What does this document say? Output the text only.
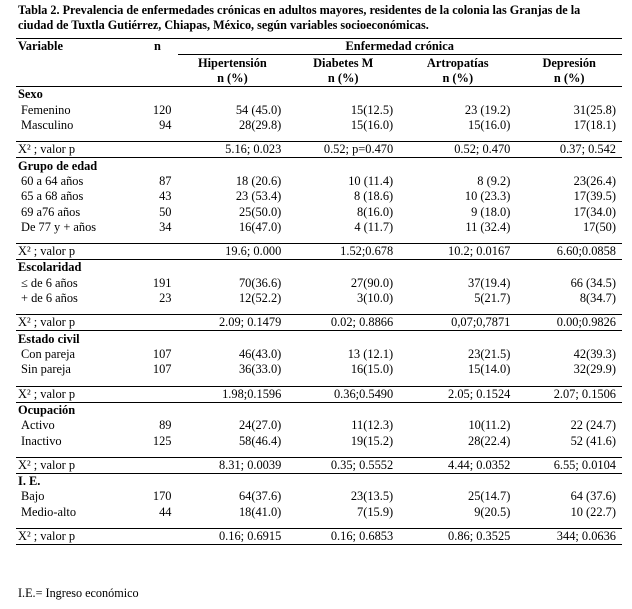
Tabla 2. Prevalencia de enfermedades crónicas en adultos mayores, residentes de la colonia las Granjas de la ciudad de Tuxtla Gutiérrez, Chiapas, México, según variables socioeconómicas.
Variable	n	Enfermedad crónica			
		Hipertensión	Diabetes M	Artropatías	Depresión
		n (%)	n (%)	n (%)	n (%)
Sexo					
Femenino	120	54 (45.0)	15(12.5)	23 (19.2)	31(25.8)
Masculino	94	28(29.8)	15(16.0)	15(16.0)	17(18.1)

X² ; valor p		5.16; 0.023	0.52; p=0.470	0.52; 0.470	0.37; 0.542
Grupo de edad					
60 a 64 años	87	18 (20.6)	10 (11.4)	8 (9.2)	23(26.4)
65 a 68 años	43	23 (53.4)	8 (18.6)	10 (23.3)	17(39.5)
69 a76 años	50	25(50.0)	8(16.0)	9 (18.0)	17(34.0)
De 77 y + años	34	16(47.0)	4 (11.7)	11 (32.4)	17(50)

X² ; valor p		19.6; 0.000	1.52;0.678	10.2; 0.0167	6.60;0.0858
Escolaridad					
≤ de 6 años	191	70(36.6)	27(90.0)	37(19.4)	66 (34.5)
+ de 6 años	23	12(52.2)	3(10.0)	5(21.7)	8(34.7)

X² ; valor p		2.09; 0.1479	0.02; 0.8866	0,07;0,7871	0.00;0.9826
Estado civil					
Con pareja	107	46(43.0)	13 (12.1)	23(21.5)	42(39.3)
Sin pareja	107	36(33.0)	16(15.0)	15(14.0)	32(29.9)

X² ; valor p		1.98;0.1596	0.36;0.5490	2.05; 0.1524	2.07; 0.1506
Ocupación					
Activo	89	24(27.0)	11(12.3)	10(11.2)	22 (24.7)
Inactivo	125	58(46.4)	19(15.2)	28(22.4)	52 (41.6)

X² ; valor p		8.31; 0.0039	0.35; 0.5552	4.44; 0.0352	6.55; 0.0104
I. E.					
Bajo	170	64(37.6)	23(13.5)	25(14.7)	64 (37.6)
Medio-alto	44	18(41.0)	7(15.9)	9(20.5)	10 (22.7)

X² ; valor p		0.16; 0.6915	0.16; 0.6853	0.86; 0.3525	344; 0.0636
I.E.= Ingreso económico
